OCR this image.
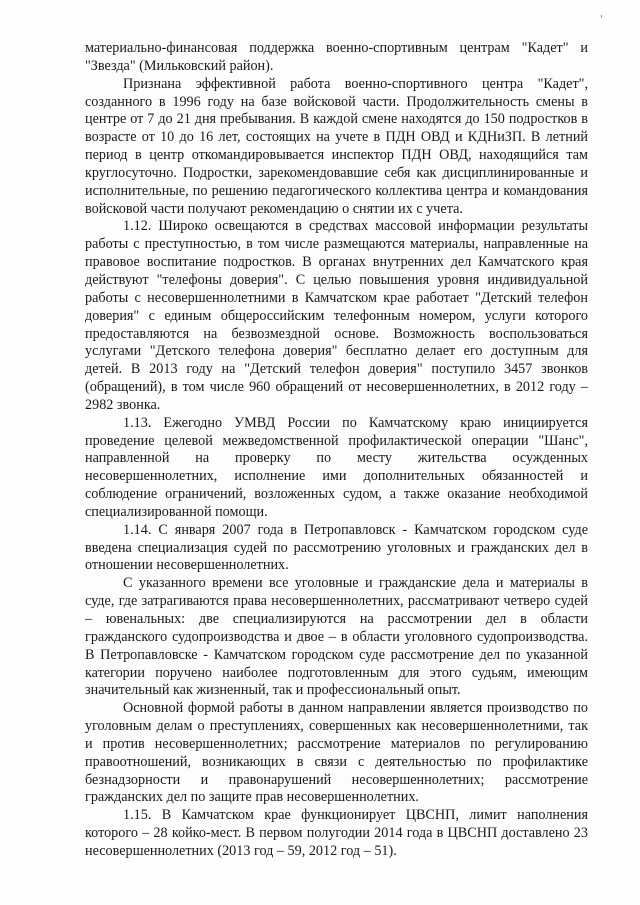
'

материально-финансовая поддержка военно-спортивным центрам "Кадет" и "Звезда" (Мильковский район).

Признана эффективной работа военно-спортивного центра "Кадет", созданного в 1996 году на базе войсковой части. Продолжительность смены в центре от 7 до 21 дня пребывания. В каждой смене находятся до 150 подростков в возрасте от 10 до 16 лет, состоящих на учете в ПДН ОВД и КДНиЗП. В летний период в центр откомандировывается инспектор ПДН ОВД, находящийся там круглосуточно. Подростки, зарекомендовавшие себя как дисциплинированные и исполнительные, по решению педагогического коллектива центра и командования войсковой части получают рекомендацию о снятии их с учета.

1.12. Широко освещаются в средствах массовой информации результаты работы с преступностью, в том числе размещаются материалы, направленные на правовое воспитание подростков. В органах внутренних дел Камчатского края действуют "телефоны доверия". С целью повышения уровня индивидуальной работы с несовершеннолетними в Камчатском крае работает "Детский телефон доверия" с единым общероссийским телефонным номером, услуги которого предоставляются на безвозмездной основе. Возможность воспользоваться услугами "Детского телефона доверия" бесплатно делает его доступным для детей. В 2013 году на "Детский телефон доверия" поступило 3457 звонков (обращений), в том числе 960 обращений от несовершеннолетних, в 2012 году – 2982 звонка.

1.13. Ежегодно УМВД России по Камчатскому краю инициируется проведение целевой межведомственной профилактической операции "Шанс", направленной на проверку по месту жительства осужденных несовершеннолетних, исполнение ими дополнительных обязанностей и соблюдение ограничений, возложенных судом, а также оказание необходимой специализированной помощи.

1.14. С января 2007 года в Петропавловск - Камчатском городском суде введена специализация судей по рассмотрению уголовных и гражданских дел в отношении несовершеннолетних.

С указанного времени все уголовные и гражданские дела и материалы в суде, где затрагиваются права несовершеннолетних, рассматривают четверо судей – ювенальных: две специализируются на рассмотрении дел в области гражданского судопроизводства и двое – в области уголовного судопроизводства. В Петропавловске - Камчатском городском суде рассмотрение дел по указанной категории поручено наиболее подготовленным для этого судьям, имеющим значительный как жизненный, так и профессиональный опыт.

Основной формой работы в данном направлении является производство по уголовным делам о преступлениях, совершенных как несовершеннолетними, так и против несовершеннолетних; рассмотрение материалов по регулированию правоотношений, возникающих в связи с деятельностью по профилактике безнадзорности и правонарушений несовершеннолетних; рассмотрение гражданских дел по защите прав несовершеннолетних.

1.15. В Камчатском крае функционирует ЦВСНП, лимит наполнения которого – 28 койко-мест. В первом полугодии 2014 года в ЦВСНП доставлено 23 несовершеннолетних (2013 год – 59, 2012 год – 51).
